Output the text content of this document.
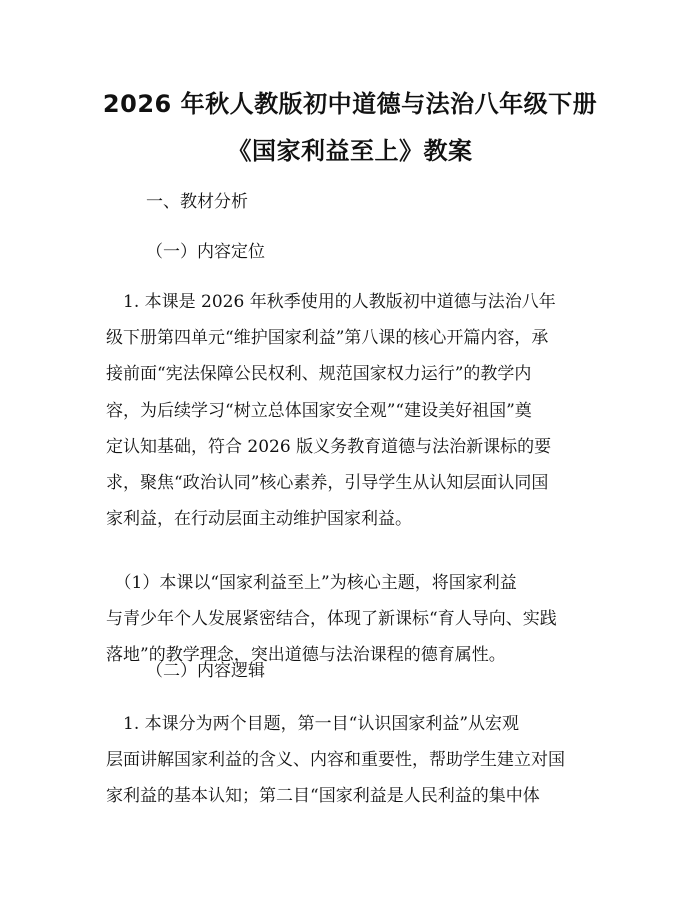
2026 年秋人教版初中道德与法治八年级下册
《国家利益至上》教案
一、教材分析
（一）内容定位
　1. 本课是 2026 年秋季使用的人教版初中道德与法治八年
级下册第四单元“维护国家利益”第八课的核心开篇内容，承
接前面“宪法保障公民权利、规范国家权力运行”的教学内
容，为后续学习“树立总体国家安全观”“建设美好祖国”奠
定认知基础，符合 2026 版义务教育道德与法治新课标的要
求，聚焦“政治认同”核心素养，引导学生从认知层面认同国
家利益，在行动层面主动维护国家利益。
　（1）本课以“国家利益至上”为核心主题，将国家利益
与青少年个人发展紧密结合，体现了新课标“育人导向、实践
落地”的教学理念，突出道德与法治课程的德育属性。
（二）内容逻辑
　1. 本课分为两个目题，第一目“认识国家利益”从宏观
层面讲解国家利益的含义、内容和重要性，帮助学生建立对国
家利益的基本认知；第二目“国家利益是人民利益的集中体
